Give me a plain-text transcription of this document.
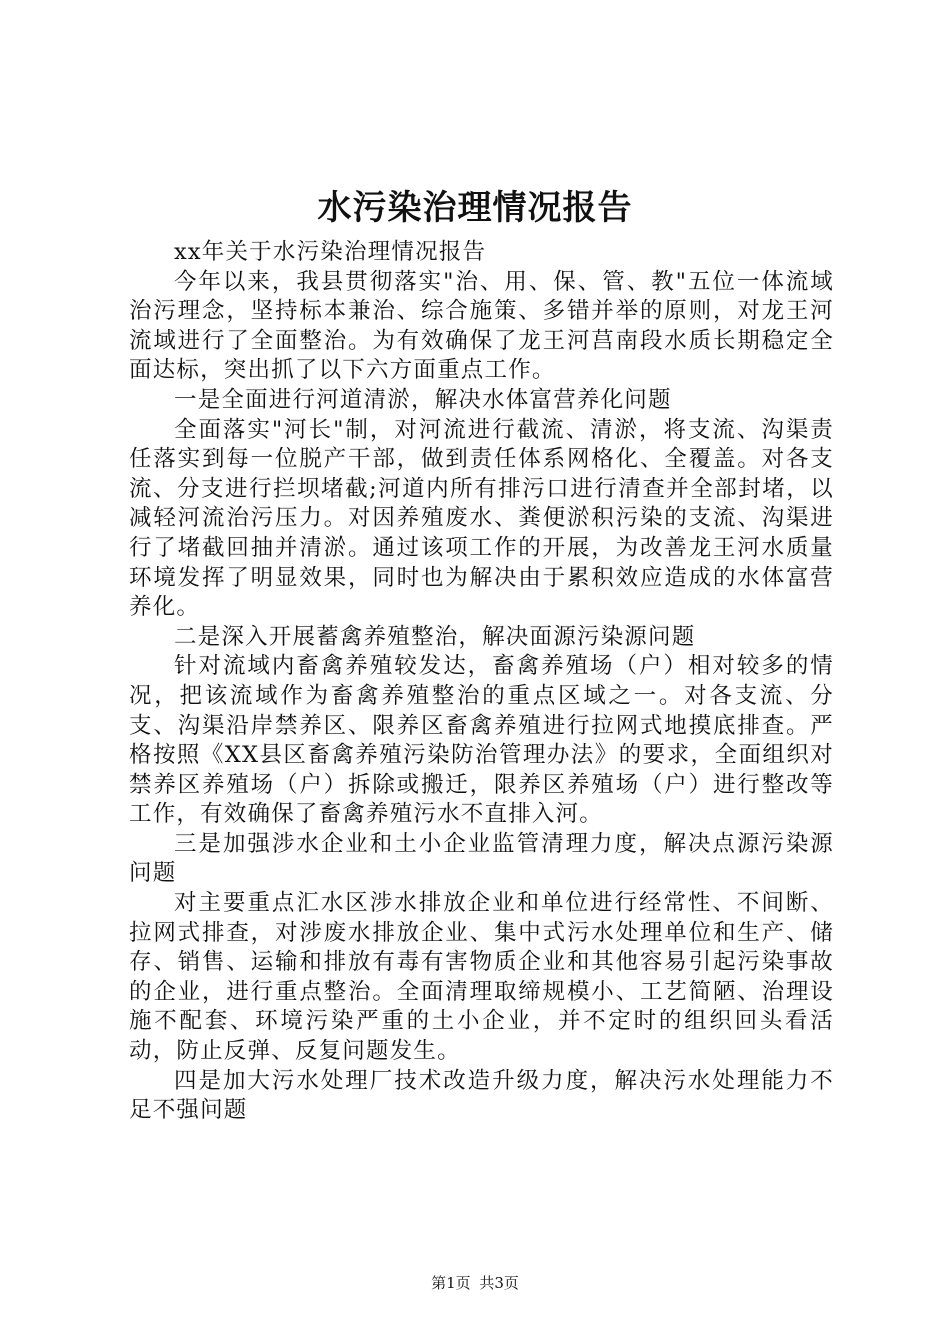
水污染治理情况报告

xx年关于水污染治理情况报告

今年以来，我县贯彻落实"治、用、保、管、教"五位一体流域治污理念，坚持标本兼治、综合施策、多错并举的原则，对龙王河流域进行了全面整治。为有效确保了龙王河莒南段水质长期稳定全面达标，突出抓了以下六方面重点工作。

一是全面进行河道清淤，解决水体富营养化问题

全面落实"河长"制，对河流进行截流、清淤，将支流、沟渠责任落实到每一位脱产干部，做到责任体系网格化、全覆盖。对各支流、分支进行拦坝堵截;河道内所有排污口进行清查并全部封堵，以减轻河流治污压力。对因养殖废水、粪便淤积污染的支流、沟渠进行了堵截回抽并清淤。通过该项工作的开展，为改善龙王河水质量环境发挥了明显效果，同时也为解决由于累积效应造成的水体富营养化。

二是深入开展蓄禽养殖整治，解决面源污染源问题

针对流域内畜禽养殖较发达，畜禽养殖场（户）相对较多的情况，把该流域作为畜禽养殖整治的重点区域之一。对各支流、分支、沟渠沿岸禁养区、限养区畜禽养殖进行拉网式地摸底排查。严格按照《XX县区畜禽养殖污染防治管理办法》的要求，全面组织对禁养区养殖场（户）拆除或搬迁，限养区养殖场（户）进行整改等工作，有效确保了畜禽养殖污水不直排入河。

三是加强涉水企业和土小企业监管清理力度，解决点源污染源问题

对主要重点汇水区涉水排放企业和单位进行经常性、不间断、拉网式排查，对涉废水排放企业、集中式污水处理单位和生产、储存、销售、运输和排放有毒有害物质企业和其他容易引起污染事故的企业，进行重点整治。全面清理取缔规模小、工艺简陋、治理设施不配套、环境污染严重的土小企业，并不定时的组织回头看活动，防止反弹、反复问题发生。

四是加大污水处理厂技术改造升级力度，解决污水处理能力不足不强问题

第1页 共3页
